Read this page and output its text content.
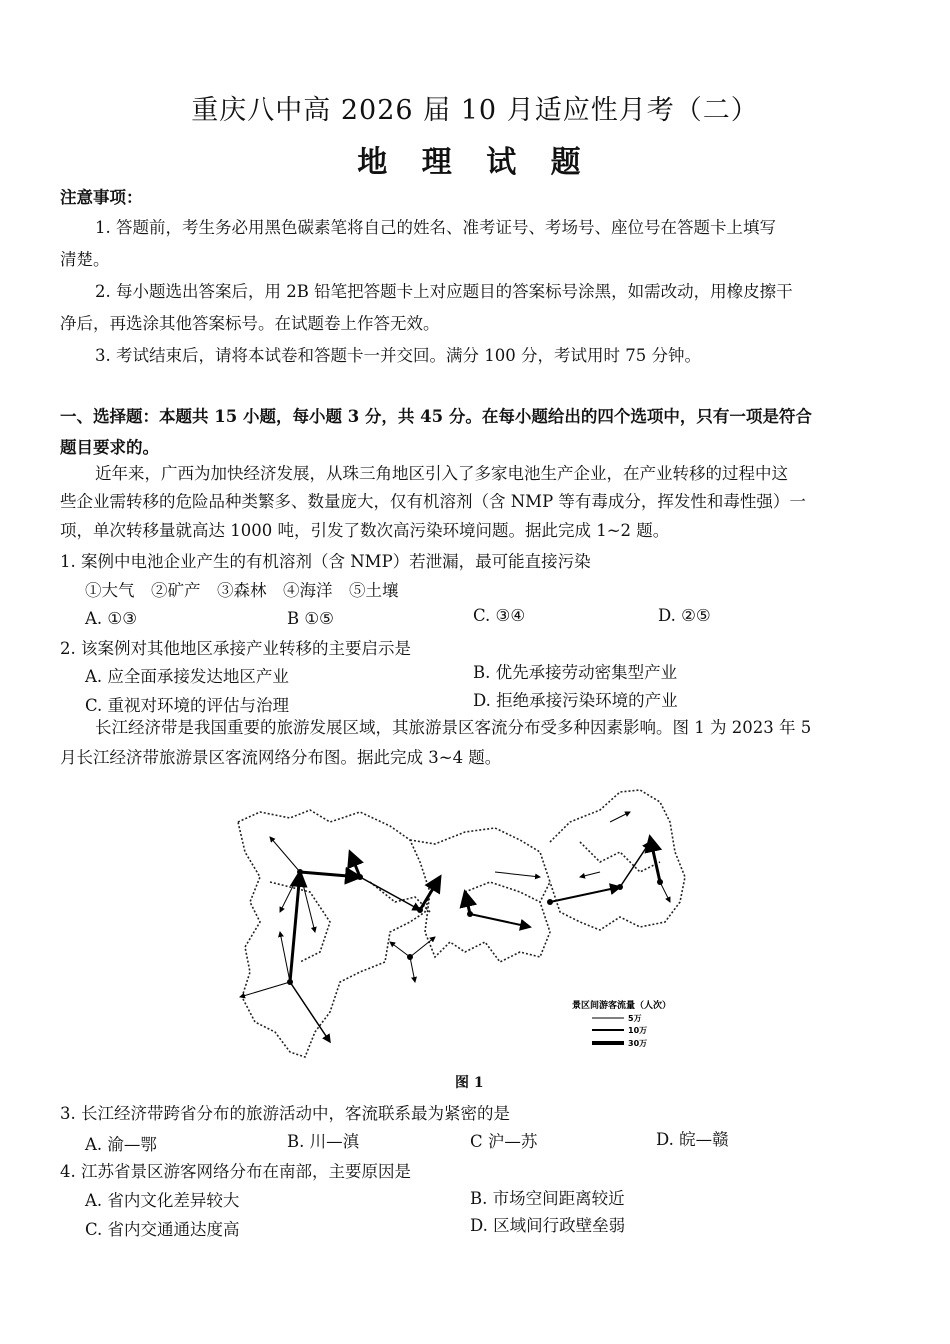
重庆八中高 2026 届 10 月适应性月考（二）
地 理 试 题
注意事项：
1. 答题前，考生务必用黑色碳素笔将自己的姓名、准考证号、考场号、座位号在答题卡上填写
清楚。
2. 每小题选出答案后，用 2B 铅笔把答题卡上对应题目的答案标号涂黑，如需改动，用橡皮擦干
净后，再选涂其他答案标号。在试题卷上作答无效。
3. 考试结束后，请将本试卷和答题卡一并交回。满分 100 分，考试用时 75 分钟。
一、选择题：本题共 15 小题，每小题 3 分，共 45 分。在每小题给出的四个选项中，只有一项是符合
题目要求的。
近年来，广西为加快经济发展，从珠三角地区引入了多家电池生产企业，在产业转移的过程中这
些企业需转移的危险品种类繁多、数量庞大，仅有机溶剂（含 NMP 等有毒成分，挥发性和毒性强）一
项，单次转移量就高达 1000 吨，引发了数次高污染环境问题。据此完成 1~2 题。
1. 案例中电池企业产生的有机溶剂（含 NMP）若泄漏，最可能直接污染
①大气　②矿产　③森林　④海洋　⑤土壤
A. ①③	B ①⑤	C. ③④	D. ②⑤
2. 该案例对其他地区承接产业转移的主要启示是
A. 应全面承接发达地区产业	B. 优先承接劳动密集型产业
C. 重视对环境的评估与治理	D. 拒绝承接污染环境的产业
长江经济带是我国重要的旅游发展区域，其旅游景区客流分布受多种因素影响。图 1 为 2023 年 5
月长江经济带旅游景区客流网络分布图。据此完成 3~4 题。
景区间游客流量（人次）
5万
10万
30万
图 1
3. 长江经济带跨省分布的旅游活动中，客流联系最为紧密的是
A. 渝—鄂	B. 川—滇	C 沪—苏	D. 皖—赣
4. 江苏省景区游客网络分布在南部，主要原因是
A. 省内文化差异较大	B. 市场空间距离较近
C. 省内交通通达度高	D. 区域间行政壁垒弱
